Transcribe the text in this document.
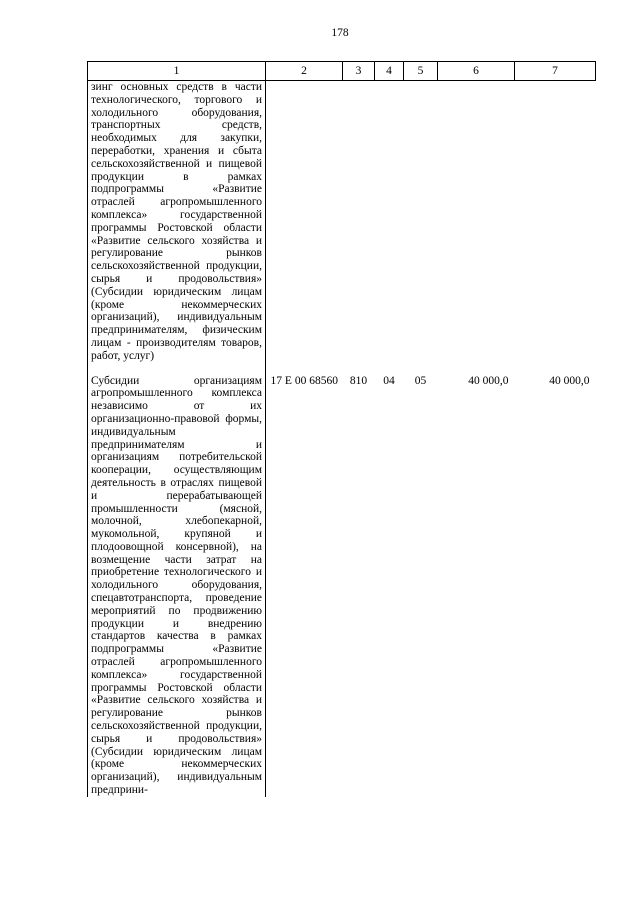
178
1	2	3	4	5	6	7

зинг основных средств в части технологического, торгового и холодильного оборудования, транспортных средств, необходимых для закупки, переработки, хранения и сбыта сельскохозяйственной и пищевой продукции в рамках подпрограммы «Развитие отраслей агропромышленного комплекса» государственной программы Ростовской области «Развитие сельского хозяйства и регулирование рынков сельскохозяйственной продукции, сырья и продовольствия» (Субсидии юридическим лицам (кроме некоммерческих организаций), индивидуальным предпринимателям, физическим лицам - производителям товаров, работ, услуг)						

Субсидии организациям агропромышленного комплекса независимо от их организационно-правовой формы, индивидуальным предпринимателям и организациям потребительской кооперации, осуществляющим деятельность в отраслях пищевой и перерабатывающей промышленности (мясной, молочной, хлебопекарной, мукомольной, крупяной и плодоовощной консервной), на возмещение части затрат на приобретение технологического и холодильного оборудования, спецавтотранспорта, проведение мероприятий по продвижению продукции и внедрению стандартов качества в рамках подпрограммы «Развитие отраслей агропромышленного комплекса» государственной программы Ростовской области «Развитие сельского хозяйства и регулирование рынков сельскохозяйственной продукции, сырья и продовольствия» (Субсидии юридическим лицам (кроме некоммерческих организаций), индивидуальным предприни-	17 Е 00 68560	810	04	05	40 000,0	40 000,0
